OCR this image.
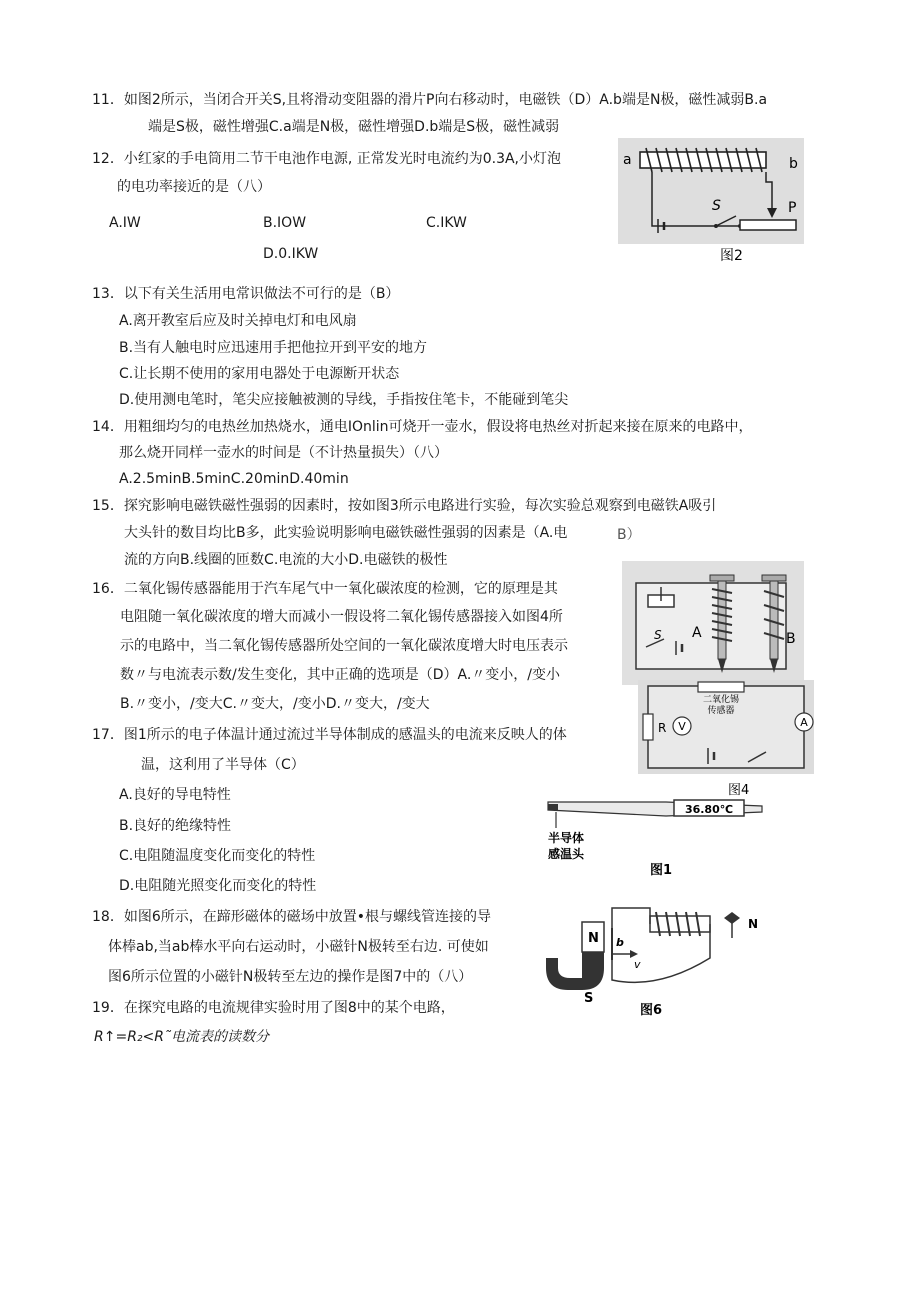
11．如图2所示，当闭合开关S,且将滑动变阻器的滑片P向右移动时，电磁铁（D）A.b端是N极，磁性减弱B.a
端是S极，磁性增强C.a端是N极，磁性增强D.b端是S极，磁性减弱
12．小红家的手电筒用二节干电池作电源, 正常发光时电流约为0.3A,小灯泡
的电功率接近的是（八）
A.IW	B.IOW	C.IKW
D.0.IKW
13．以下有关生活用电常识做法不可行的是（B）
A.离开教室后应及时关掉电灯和电风扇
B.当有人触电时应迅速用手把他拉开到平安的地方
C.让长期不使用的家用电器处于电源断开状态
D.使用测电笔时，笔尖应接触被测的导线，手指按住笔卡，不能碰到笔尖
14．用粗细均匀的电热丝加热烧水，通电IOnlin可烧开一壶水，假设将电热丝对折起来接在原来的电路中，
那么烧开同样一壶水的时间是（不计热量损失）（八）
A.2.5minB.5minC.20minD.40min
15．探究影响电磁铁磁性强弱的因素时，按如图3所示电路进行实验，每次实验总观察到电磁铁A吸引
大头针的数目均比B多，此实验说明影响电磁铁磁性强弱的因素是（A.电	B）
流的方向B.线圈的匝数C.电流的大小D.电磁铁的极性
16．二氧化锡传感器能用于汽车尾气中一氧化碳浓度的检测，它的原理是其
电阻随一氧化碳浓度的增大而减小一假设将二氧化锡传感器接入如图4所
示的电路中，当二氧化锡传感器所处空间的一氧化碳浓度增大时电压表示
数〃与电流表示数/发生变化，其中正确的选项是（D）A.〃变小，/变小
B.〃变小，/变大C.〃变大，/变小D.〃变大，/变大
17．图1所示的电子体温计通过流过半导体制成的感温头的电流来反映人的体
温，这利用了半导体（C）
A.良好的导电特性
B.良好的绝缘特性
C.电阻随温度变化而变化的特性
D.电阻随光照变化而变化的特性
18．如图6所示，在蹄形磁体的磁场中放置•根与螺线管连接的导
体棒ab,当ab棒水平向右运动时，小磁针N极转至右边. 可使如
图6所示位置的小磁针N极转至左边的操作是图7中的（八）
19．在探究电路的电流规律实验时用了图8中的某个电路，
R↑=R₂<R˜电流表的读数分
a	b
S	P
图2
A	B
S
二氧化锡
传感器
R V	A
图4
36.80℃
半导体
感温头
图1
N
S
b
v
N
图6
